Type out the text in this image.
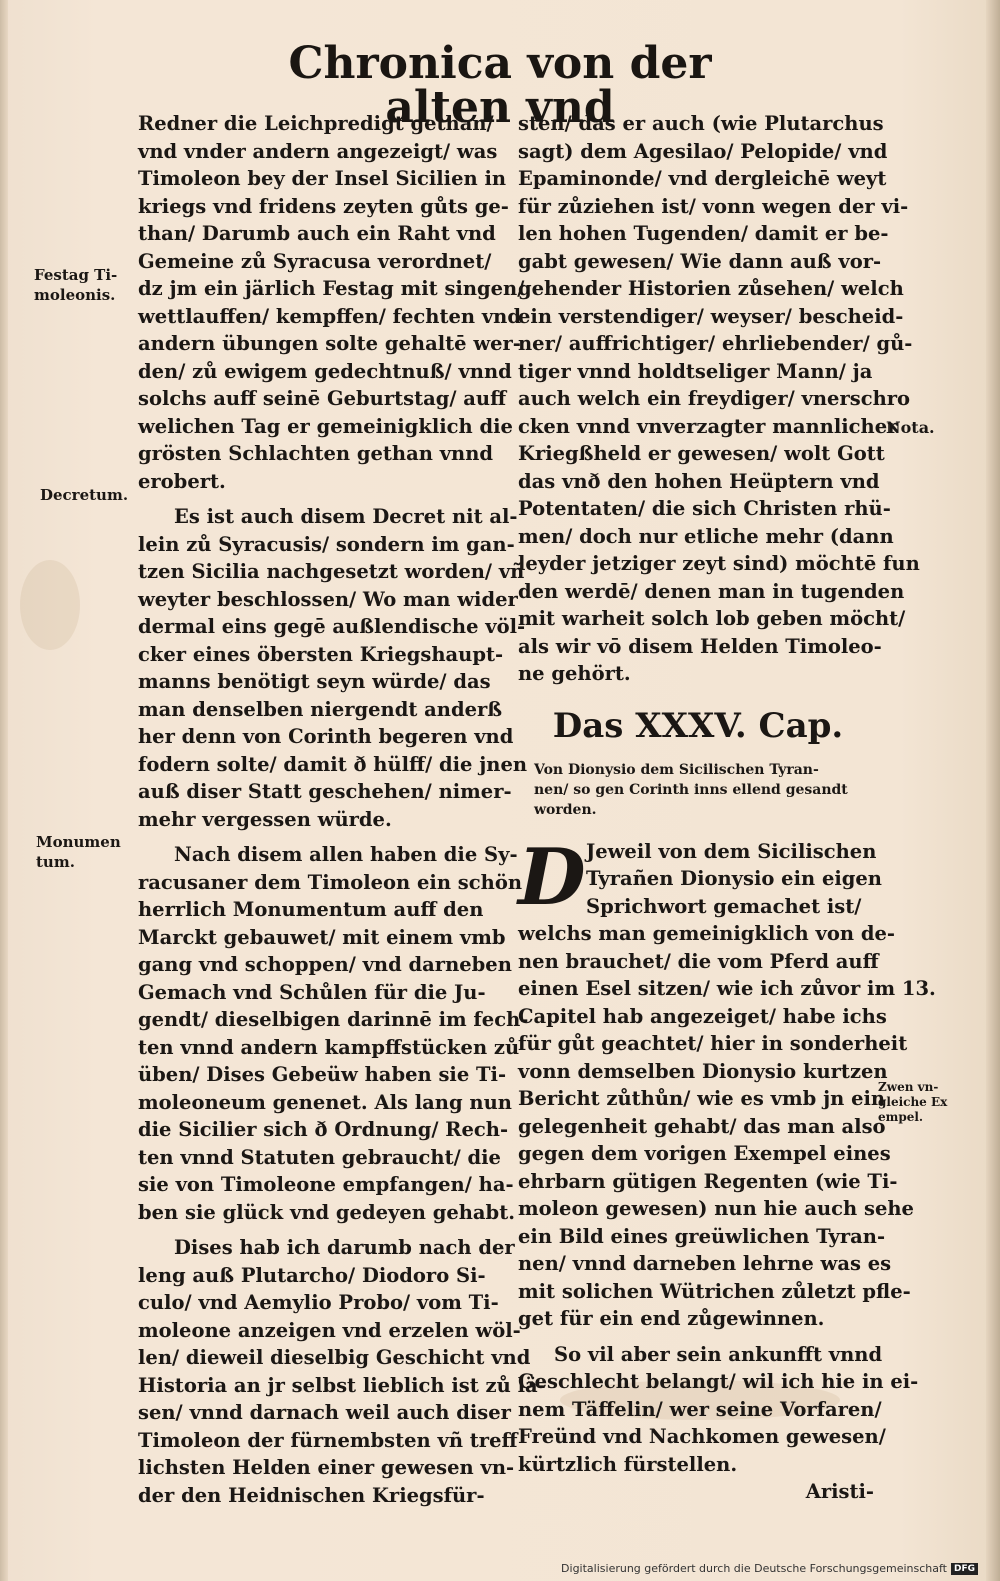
Chronica von der alten vnd
Redner die Leichpredigt gethan/
vnd vnder andern angezeigt/ was
Timoleon bey der Insel Sicilien in
kriegs vnd fridens zeyten gůts ge-
than/ Darumb auch ein Raht vnd
Gemeine zů Syracusa verordnet/
dz jm ein järlich Festag mit singen/
wettlauffen/ kempffen/ fechten vnd
andern übungen solte gehaltē wer-
den/ zů ewigem gedechtnuß/ vnnd
solchs auff seinē Geburtstag/ auff
welichen Tag er gemeinigklich die
grösten Schlachten gethan vnnd
erobert.
Es ist auch disem Decret nit al-
lein zů Syracusis/ sondern im gan-
tzen Sicilia nachgesetzt worden/ vñ
weyter beschlossen/ Wo man wider
dermal eins gegē außlendische völ-
cker eines öbersten Kriegshaupt-
manns benötigt seyn würde/ das
man denselben niergendt anderß
her denn von Corinth begeren vnd
fodern solte/ damit ð hülff/ die jnen
auß diser Statt geschehen/ nimer-
mehr vergessen würde.
Nach disem allen haben die Sy-
racusaner dem Timoleon ein schön
herrlich Monumentum auff den
Marckt gebauwet/ mit einem vmb
gang vnd schoppen/ vnd darneben
Gemach vnd Schůlen für die Ju-
gendt/ dieselbigen darinnē im fech-
ten vnnd andern kampffstücken zů
üben/ Dises Gebeüw haben sie Ti-
moleoneum genenet. Als lang nun
die Sicilier sich ð Ordnung/ Rech-
ten vnnd Statuten gebraucht/ die
sie von Timoleone empfangen/ ha-
ben sie glück vnd gedeyen gehabt.
Dises hab ich darumb nach der
leng auß Plutarcho/ Diodoro Si-
culo/ vnd Aemylio Probo/ vom Ti-
moleone anzeigen vnd erzelen wöl-
len/ dieweil dieselbig Geschicht vnd
Historia an jr selbst lieblich ist zů lä-
sen/ vnnd darnach weil auch diser
Timoleon der fürnembsten vñ treff
lichsten Helden einer gewesen vn-
der den Heidnischen Kriegsfür-
sten/ das er auch (wie Plutarchus
sagt) dem Agesilao/ Pelopide/ vnd
Epaminonde/ vnd dergleichē weyt
für zůziehen ist/ vonn wegen der vi-
len hohen Tugenden/ damit er be-
gabt gewesen/ Wie dann auß vor-
gehender Historien zůsehen/ welch
ein verstendiger/ weyser/ bescheid-
ner/ auffrichtiger/ ehrliebender/ gů-
tiger vnnd holdtseliger Mann/ ja
auch welch ein freydiger/ vnerschro
cken vnnd vnverzagter mannlicher
Kriegßheld er gewesen/ wolt Gott
das vnð den hohen Heüptern vnd
Potentaten/ die sich Christen rhü-
men/ doch nur etliche mehr (dann
leyder jetziger zeyt sind) möchtē fun
den werdē/ denen man in tugenden
mit warheit solch lob geben möcht/
als wir vō disem Helden Timoleo-
ne gehört.
Das XXXV. Cap.
Von Dionysio dem Sicilischen Tyran-
nen/ so gen Corinth inns ellend gesandt
worden.
D Jeweil von dem Sicilischen
Tyrañen Dionysio ein eigen
Sprichwort gemachet ist/
welchs man gemeinigklich von de-
nen brauchet/ die vom Pferd auff
einen Esel sitzen/ wie ich zůvor im 13.
Capitel hab angezeiget/ habe ichs
für gůt geachtet/ hier in sonderheit
vonn demselben Dionysio kurtzen
Bericht zůthůn/ wie es vmb jn ein
gelegenheit gehabt/ das man also
gegen dem vorigen Exempel eines
ehrbarn gütigen Regenten (wie Ti-
moleon gewesen) nun hie auch sehe
ein Bild eines greüwlichen Tyran-
nen/ vnnd darneben lehrne was es
mit solichen Wütrichen zůletzt pfle-
get für ein end zůgewinnen.
So vil aber sein ankunfft vnnd
Geschlecht belangt/ wil ich hie in ei-
nem Täffelin/ wer seine Vorfaren/
Freünd vnd Nachkomen gewesen/
kürtzlich fürstellen.
Aristi-
Festag Ti-
moleonis.
Decretum.
Monumen
tum.
Nota.
Zwen vn-
gleiche Ex
empel.
Digitalisierung gefördert durch die Deutsche Forschungsgemeinschaft DFG
